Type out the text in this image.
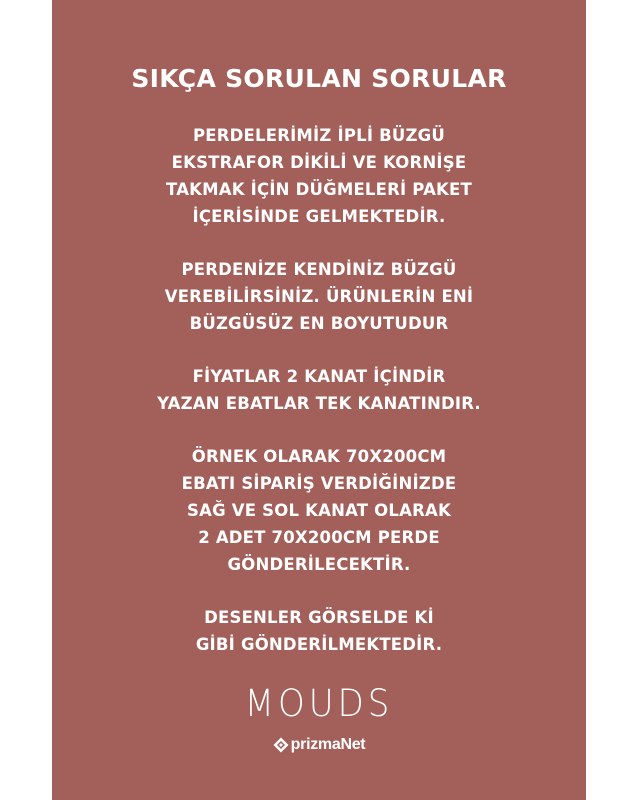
SIKÇA SORULAN SORULAR
PERDELERİMİZ İPLİ BÜZGÜ
EKSTRAFOR DİKİLİ VE KORNİŞE
TAKMAK İÇİN DÜĞMELERİ PAKET
İÇERİSİNDE GELMEKTEDİR.
PERDENİZE KENDİNİZ BÜZGÜ
VEREBİLİRSİNİZ. ÜRÜNLERİN ENİ
BÜZGÜSÜZ EN BOYUTUDUR
FİYATLAR 2 KANAT İÇİNDİR
YAZAN EBATLAR TEK KANATINDIR.
ÖRNEK OLARAK 70X200CM
EBATI SİPARİŞ VERDİĞİNİZDE
SAĞ VE SOL KANAT OLARAK
2 ADET 70X200CM PERDE
GÖNDERİLECEKTİR.
DESENLER GÖRSELDE Kİ
GİBİ GÖNDERİLMEKTEDİR.
MOUDS
prizmaNet
